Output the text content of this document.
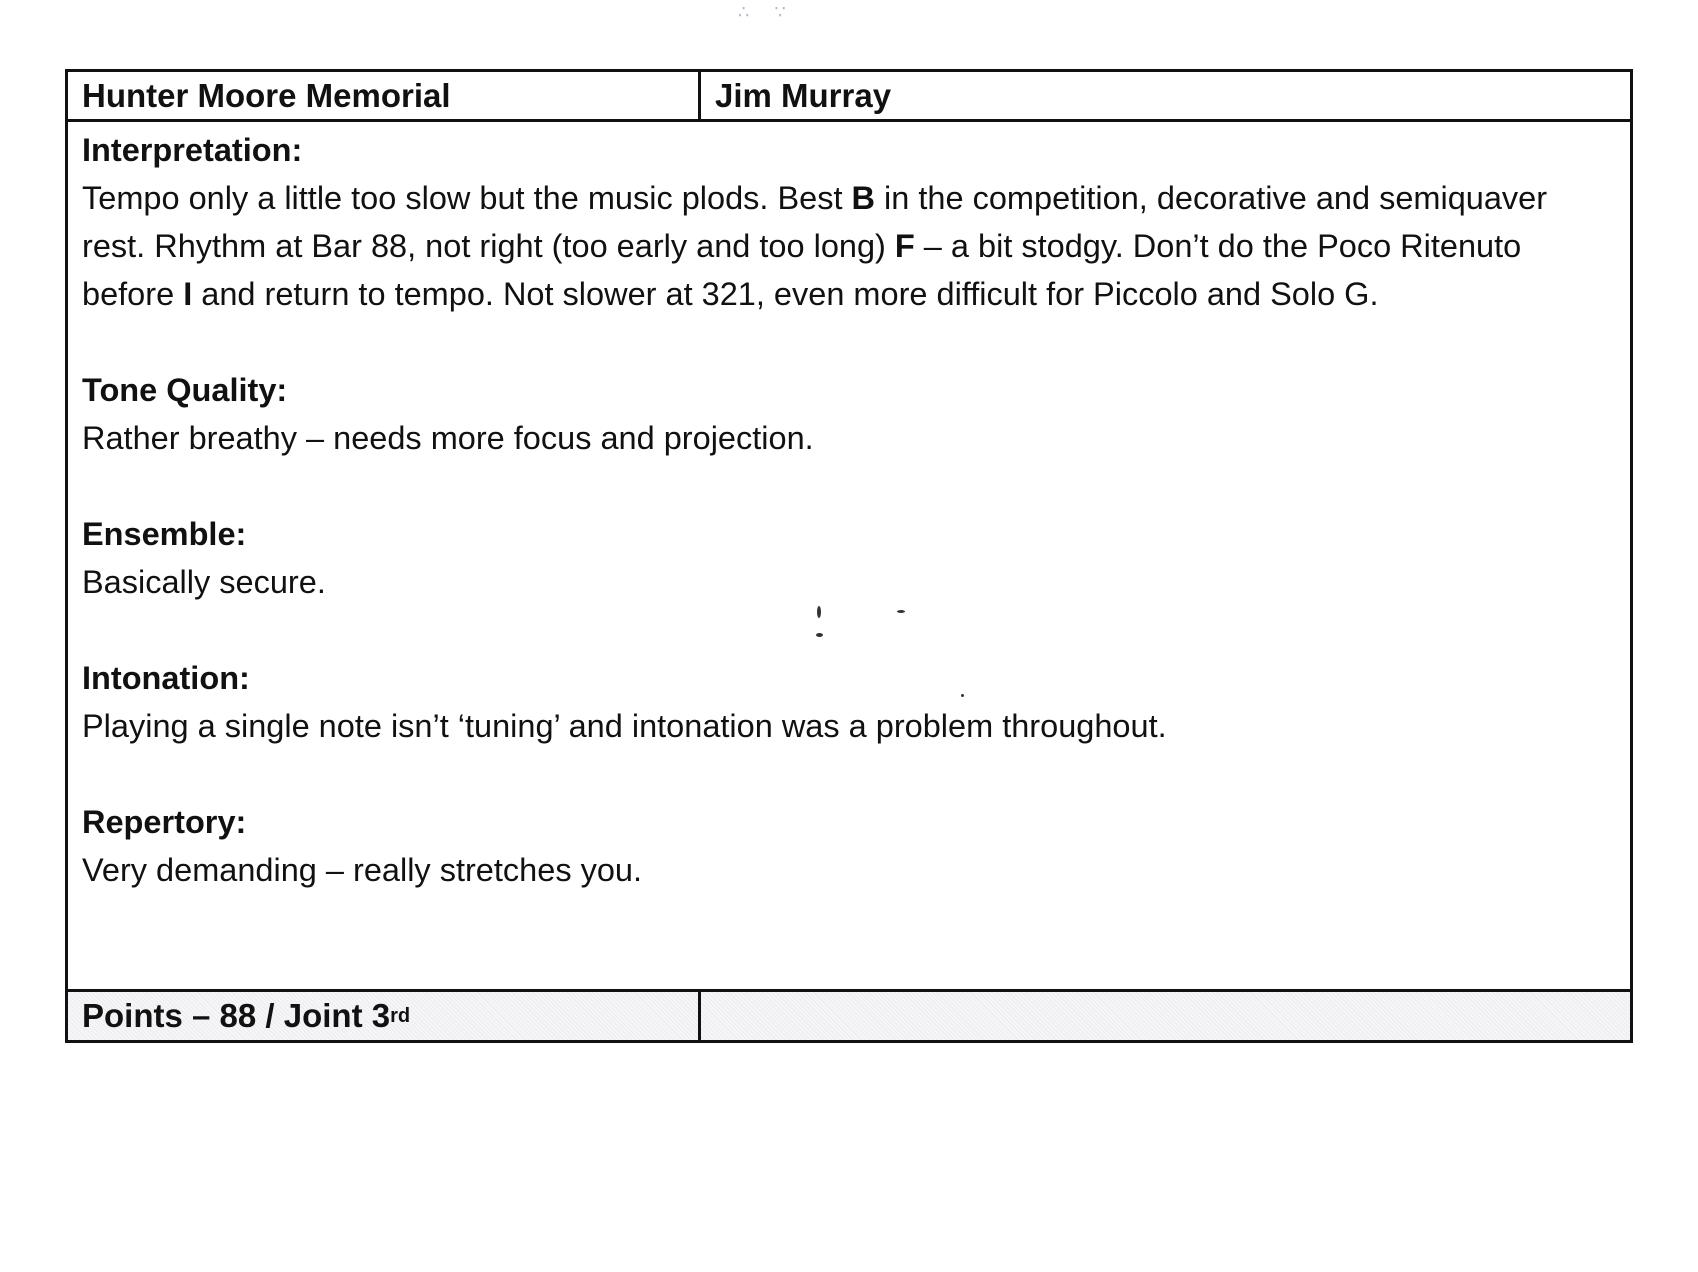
∴ ∵
Hunter Moore Memorial	Jim Murray
Interpretation:
Tempo only a little too slow but the music plods. Best B in the competition, decorative and semiquaver rest. Rhythm at Bar 88, not right (too early and too long) F – a bit stodgy. Don’t do the Poco Ritenuto before I and return to tempo. Not slower at 321, even more difficult for Piccolo and Solo G.
Tone Quality:
Rather breathy – needs more focus and projection.
Ensemble:
Basically secure.
Intonation:
Playing a single note isn’t ‘tuning’ and intonation was a problem throughout.
Repertory:
Very demanding – really stretches you.
Points – 88 / Joint 3 rd
